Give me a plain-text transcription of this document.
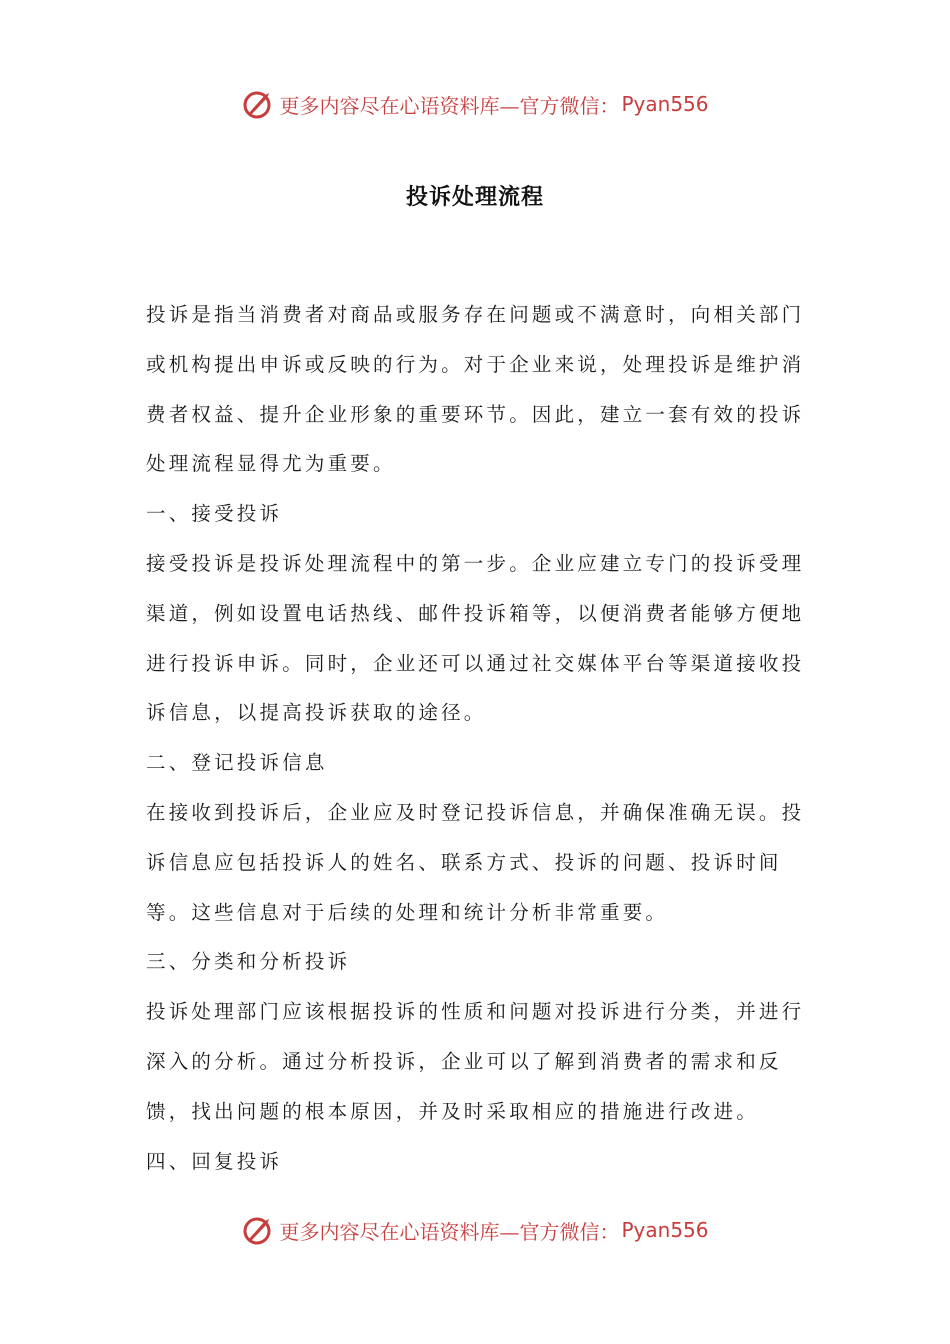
更多内容尽在心语资料库—官方微信： Pyan556
投诉处理流程

投诉是指当消费者对商品或服务存在问题或不满意时，向相关部门或机构提出申诉或反映的行为。对于企业来说，处理投诉是维护消费者权益、提升企业形象的重要环节。因此，建立一套有效的投诉处理流程显得尤为重要。

一、接受投诉

接受投诉是投诉处理流程中的第一步。企业应建立专门的投诉受理渠道，例如设置电话热线、邮件投诉箱等，以便消费者能够方便地进行投诉申诉。同时，企业还可以通过社交媒体平台等渠道接收投诉信息，以提高投诉获取的途径。

二、登记投诉信息

在接收到投诉后，企业应及时登记投诉信息，并确保准确无误。投诉信息应包括投诉人的姓名、联系方式、投诉的问题、投诉时间等。这些信息对于后续的处理和统计分析非常重要。

三、分类和分析投诉

投诉处理部门应该根据投诉的性质和问题对投诉进行分类，并进行深入的分析。通过分析投诉，企业可以了解到消费者的需求和反馈，找出问题的根本原因，并及时采取相应的措施进行改进。

四、回复投诉

更多内容尽在心语资料库—官方微信： Pyan556
